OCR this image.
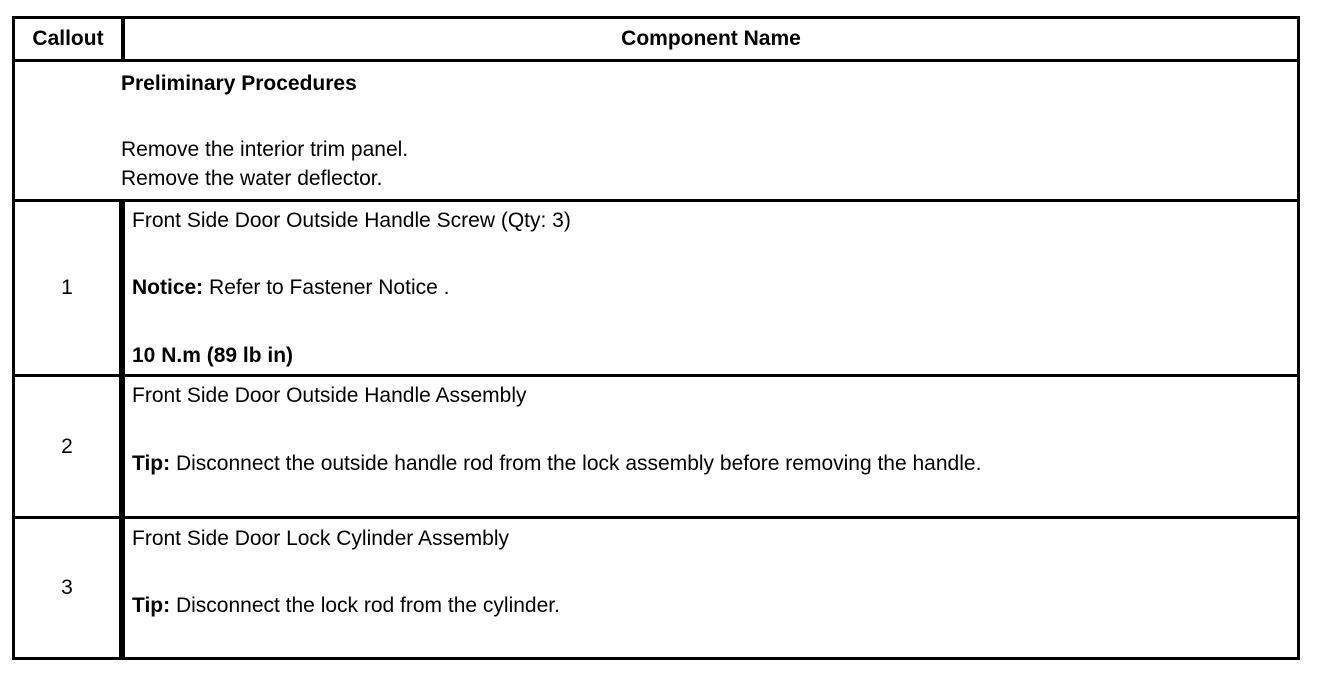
Callout	Component Name
Preliminary Procedures
Remove the interior trim panel.
Remove the water deflector.
1
Front Side Door Outside Handle Screw (Qty: 3)
Notice: Refer to Fastener Notice .
10 N.m (89 lb in)
2
Front Side Door Outside Handle Assembly
Tip: Disconnect the outside handle rod from the lock assembly before removing the handle.
3
Front Side Door Lock Cylinder Assembly
Tip: Disconnect the lock rod from the cylinder.
